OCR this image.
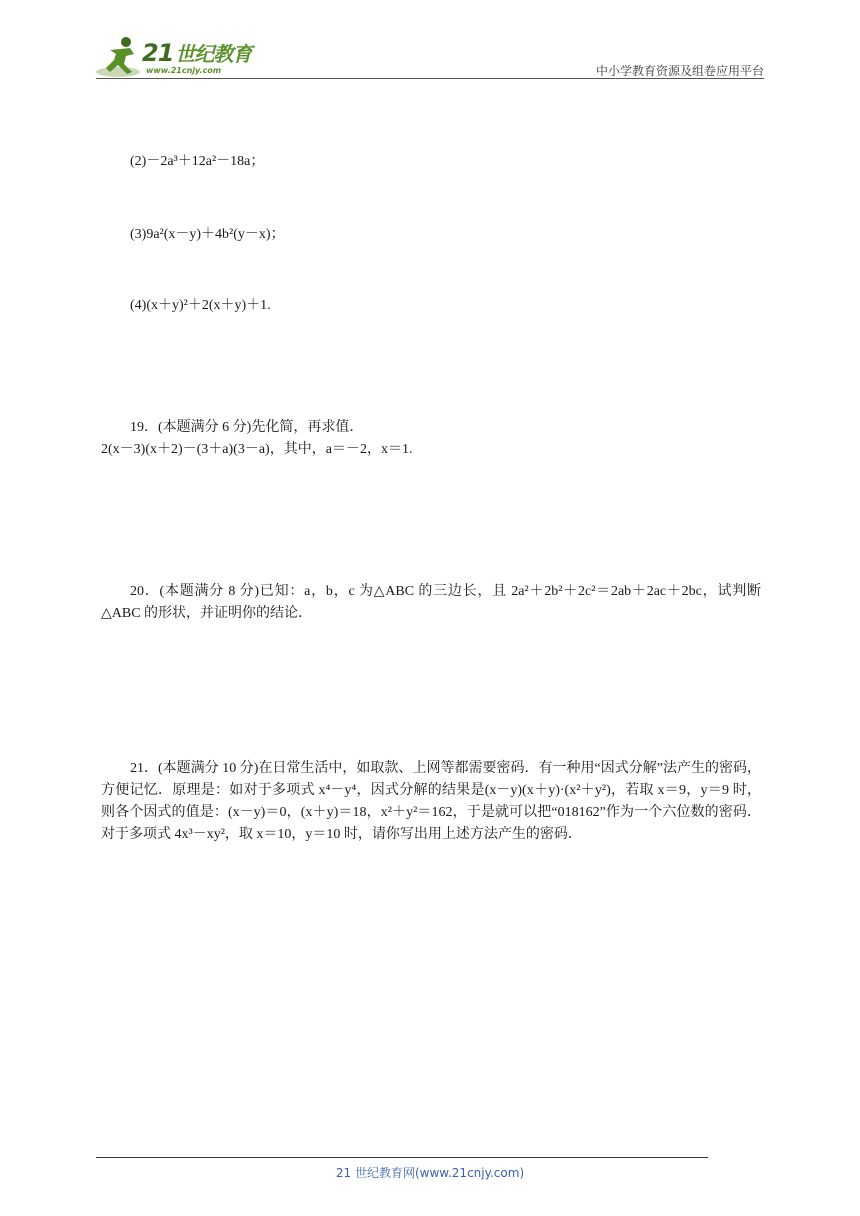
21 世纪教育
www.21cnjy.com	中小学教育资源及组卷应用平台
(2)－2a³＋12a²－18a；
(3)9a²(x－y)＋4b²(y－x)；
(4)(x＋y)²＋2(x＋y)＋1.
19．(本题满分 6 分)先化简，再求值．
2(x－3)(x＋2)－(3＋a)(3－a)，其中，a＝－2，x＝1.
20．(本题满分 8 分)已知：a，b，c 为△ABC 的三边长，且 2a²＋2b²＋2c²＝2ab＋2ac＋2bc，试判断△ABC 的形状，并证明你的结论．
21．(本题满分 10 分)在日常生活中，如取款、上网等都需要密码．有一种用“因式分解”法产生的密码，方便记忆．原理是：如对于多项式 x⁴－y⁴，因式分解的结果是(x－y)(x＋y)·(x²＋y²)，若取 x＝9，y＝9 时，则各个因式的值是：(x－y)＝0，(x＋y)＝18，x²＋y²＝162，于是就可以把“018162”作为一个六位数的密码．对于多项式 4x³－xy²，取 x＝10，y＝10 时，请你写出用上述方法产生的密码．
21 世纪教育网(www.21cnjy.com)
